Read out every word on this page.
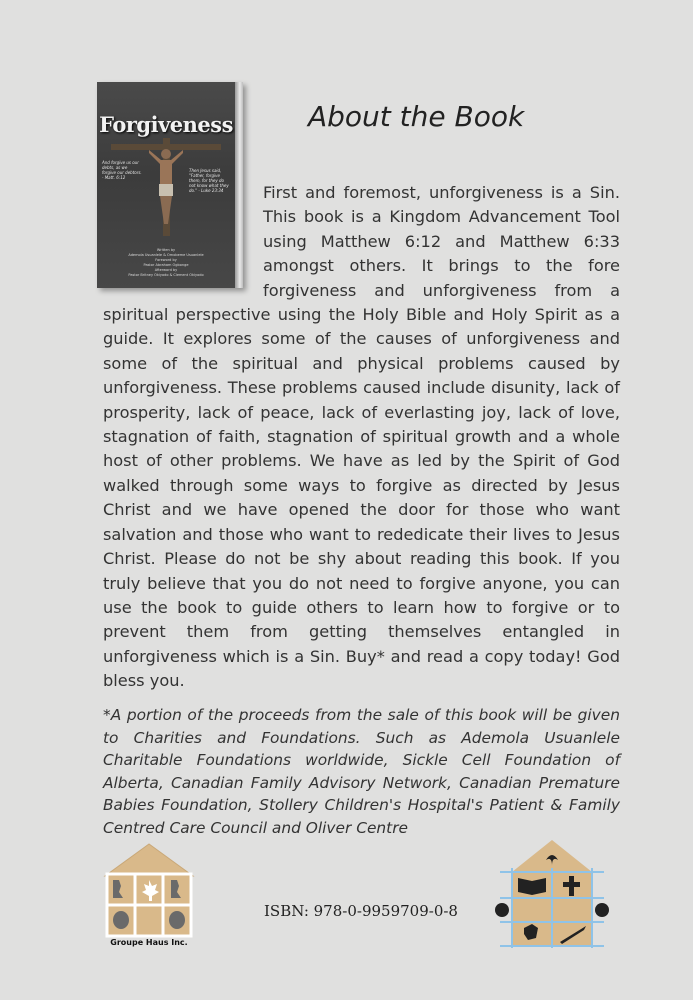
Forgiveness
And forgive us our debts, as we forgive our debtors. - Matt. 6:12
Then Jesus said, "Father, forgive them, for they do not know what they do." - Luke 23:34
Written by
Ademola Usuanlele & Omobeme Usuanlele
Foreword by
Pastor Abraham Ogbonge
Afterword by
Pastor Britney Okiyodo & Clement Okiyodo
About the Book
First and foremost, unforgiveness is a Sin. This book is a Kingdom Advancement Tool using Matthew 6:12 and Matthew 6:33 amongst others. It brings to the fore forgiveness and unforgiveness from a spiritual perspective using the Holy Bible and Holy Spirit as a guide. It explores some of the causes of unforgiveness and some of the spiritual and physical problems caused by unforgiveness. These problems caused include disunity, lack of prosperity, lack of peace, lack of everlasting joy, lack of love, stagnation of faith, stagnation of spiritual growth and a whole host of other problems. We have as led by the Spirit of God walked through some ways to forgive as directed by Jesus Christ and we have opened the door for those who want salvation and those who want to rededicate their lives to Jesus Christ. Please do not be shy about reading this book. If you truly believe that you do not need to forgive anyone, you can use the book to guide others to learn how to forgive or to prevent them from getting themselves entangled in unforgiveness which is a Sin. Buy* and read a copy today! God bless you.
*A portion of the proceeds from the sale of this book will be given to Charities and Foundations. Such as Ademola Usuanlele Charitable Foundations worldwide, Sickle Cell Foundation of Alberta, Canadian Family Advisory Network, Canadian Premature Babies Foundation, Stollery Children's Hospital's Patient & Family Centred Care Council and Oliver Centre
Groupe Haus Inc.
ISBN: 978-0-9959709-0-8
